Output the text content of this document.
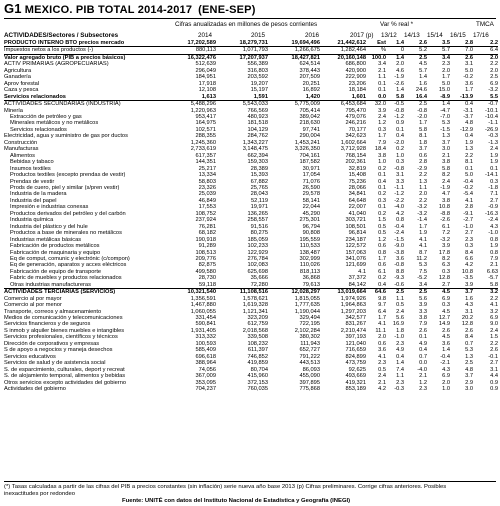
G1 MEXICO. PIB TOTAL 2014-2017 (ENE-SEP)
Cifras anualizadas en millones de pesos corrientes	Var % real *	TMCA
ACTIVIDADES/Sectores / Subsectores	2014	2015	2016	2017 (p) 13/12 14/13 15/14 16/15 17/16
PRODUCTO INTERNO BTO precios mercado	17,202,589	18,279,731	19,694,496	21,442,612	Est	1.4	2.6	3.5	2.8	2.2	
Impuestos netos a los productos (-)	880,113	1,071,793	1,266,675	1,282,464	%	0	5.2	5.7	7.0	6.4	
Valor agregado bruto (PIB a precios básicos)	16,322,476	17,207,937	18,427,821	20,160,148	100.0	1.4	2.5	3.4	2.6	2.0	
ACTIV PRIMARIAS (AGROPECUARIAS)	512,639	556,389	624,514	686,800	3.4	2.0	4.5	2.3	3.1	2.2	
Agricultura	296,049	316,803	378,443	420,900	2.1	4.6	5.7	2.0	5.0	2.0	
Ganadería	184,951	203,592	207,509	222,909	1.1	-1.9	1.4	1.7	-0.2	2.5	
Aprov forestal	17,918	19,207	20,251	23,206	0.1	-2.6	1.6	5.0	3.6	6.9	
Caza y pesca	12,108	15,197	16,892	18,184	0.1	1.4	24.6	15.0	1.7	-3.2	
Servicios relacionados	1,613	1,591	1,420	1,601	0.0	5.8	16.4	-8.9	-13.9	5.5	
ACTIVIDADES SECUNDARIAS (INDUSTRIA)	5,488,296	5,543,033	5,775,009	6,453,684	32.0	-0.5	2.5	1.4	0.4	-0.7	
Minería	1,220,963	766,569	705,414	795,470	3.9	-0.8	-0.8	-4.7	-3.1	-10.1	
Extracción de petróleo y gas	953,417	480,923	389,042	479,076	2.4	-1.2	-2.0	-7.0	-3.7	-10.4	
Minerales metálicos y no metálicos	164,975	181,518	218,630	246,216	1.2	0.9	1.7	5.3	4.8	-1.1	
Servicios relacionados	102,571	104,129	97,741	70,177	0.3	0.1	5.8	-1.5	-12.9	-26.9	
Electricidad, agua y suministro de gas por ductos	288,355	284,762	290,004	342,623	1.7	0.4	8.1	1.3	0.4	-0.3	
Construcción	1,245,360	1,343,227	1,453,241	1,602,664	7.9	-2.0	1.8	3.7	1.9	-1.3	
Manufacturas	2,733,619	3,148,475	3,326,350	3,712,928	18.4	0.2	3.7	3.0	1.3	2.4	
Alimentos	617,357	662,394	704,161	768,154	3.8	1.0	0.6	2.1	2.2	1.9	
Bebidas y tabaco	144,351	159,303	187,582	202,361	1.0	0.3	2.8	3.8	8.1	1.9	
Insumos textiles	25,217	28,389	30,971	32,819	0.2	-0.8	-2.9	5.8	0.1	0.1	
Productos textiles (excepto prendas de vestir)	13,334	15,393	17,054	15,408	0.1	3.1	2.2	8.2	5.0	-14.1	
Prendas de vestir	58,803	67,882	71,076	75,236	0.4	3.3	1.3	2.4	-0.4	0.3	
Prods de cuero, piel y similar (s/pren vestir)	23,326	25,765	26,590	28,066	0.1	-1.1	1.1	-1.9	-0.2	-1.8	
Industria de la madera	25,039	28,043	29,578	34,841	0.2	-1.2	2.0	4.7	-5.4	7.1	
Industria del papel	46,849	52,119	58,141	64,648	0.3	-2.2	2.2	3.8	4.1	2.7	
Impresión e industrias conexas	17,553	19,971	22,044	22,007	0.1	-4.0	-3.2	10.8	2.8	-0.9	
Productos derivados del petróleo y del carbón	108,752	136,265	45,290	41,040	0.2	4.2	-3.2	-8.8	-9.1	-16.3	
Industria química	237,924	258,557	275,301	303,721	1.5	0.8	-1.4	-2.6	-2.7	-2.4	
Industria del plástico y del hule	76,281	91,516	96,794	108,501	0.5	-0.4	1.7	6.1	-1.0	4.3	
Productos a base de minerales no metálicos	68,182	80,275	90,808	96,814	0.5	-2.4	1.9	7.2	2.7	-1.0	
Industrias metálicas básicas	190,918	185,059	195,559	234,187	1.2	-1.5	4.1	-3.2	2.3	0.8	
Fabricación de productos metálicos	91,289	102,233	110,533	122,572	0.6	-9.0	4.1	3.9	0.3	1.9	
Fabricación de maquinaria y equipo	108,513	122,929	138,487	157,063	0.8	-3.8	8.7	17.8	8.4	0.8	
Eq de comput, comunic y electrónic (c/compon)	209,776	276,784	302,999	341,076	1.7	3.6	11.2	8.2	6.6	7.9	
Eq de generación, aparatos y acces eléctricos	82,875	102,083	110,026	121,699	0.6	-0.8	5.3	6.3	4.2	2.1	
Fabricación de equipo de transporte	499,580	625,698	818,113	4.1	6.1	8.8	7.5	0.3	10.8	6.63	
Fabric de muebles y productos relacionados	28,730	35,666	36,868	37,372	0.2	-9.3	-5.2	12.8	-3.5	-5.7	
Otras industrias manufactureras	59,118	72,280	79,613	84,142	0.4	-0.6	3.4	2.7	3.9	5.8	
ACTIVIDADES TERCIARIAS (SERVICIOS)	10,321,540	11,108,516	12,028,297	13,019,664	64.6	2.5	2.5	4.5	3.7	3.2	
Comercio al por mayor	1,356,591	1,578,621	1,815,055	1,974,926	9.8	1.1	5.6	6.9	1.6	2.2	
Comercio al por menor	1,467,880	1,619,328	1,777,635	1,964,863	9.7	0.5	3.9	0.3	4.3	4.1	
Transporte, correos y almacenamiento	1,060,055	1,121,341	1,190,044	1,297,203	6.4	2.4	3.3	4.5	3.1	3.2	
Medios de comunicación y telecomunicaciones	331,454	323,209	329,494	342,577	1.7	5.6	3.8	12.7	20.2	6.9	
Servicios financieros y de seguros	590,841	612,759	722,195	831,267	4.1	16.9	7.9	14.9	12.8	9.0	
S inmob y alquiler bienes muebles e intangibles	1,931,405	2,018,568	2,102,284	2,210,474	11.1	1.8	2.6	2.6	2.6	2.4	
Servicios profesionales, científicos y técnicos	313,332	339,508	380,302	397,193	2.0	-1.0	0.1	4.5	8.4	1.5	
Dirección de corporativos y empresas	100,593	108,232	111,943	121,040	0.6	2.3	4.9	3.6	0.7	2.2	
S de apoyo a negocios y maneja desechos	585,409	611,397	652,727	716,659	3.6	4.9	0.4	1.4	5.3	2.6	
Servicios educativos	696,618	746,852	791,222	824,899	4.1	0.4	0.7	-0.4	1.3	-0.1	
Servicios de salud y de asistencia social	388,964	419,859	443,513	473,759	2.3	1.4	0.0	-2.1	2.5	2.7	
S. de esparcimiento, culturales, deport y recreat	74,056	80,704	86,093	92,625	0.5	7.4	-4.0	4.3	4.8	3.1	
S. de alojamiento temporal, alimentos y bebidas	367,009	415,960	455,090	493,669	2.4	1.1	2.1	6.9	3.7	4.4	
Otros servicios excepto actividades del gobierno	353,095	372,153	397,895	419,321	2.1	2.3	1.2	2.0	2.9	0.9	
Actividades del gobierno	704,237	760,035	775,868	853,189	4.2	-0.3	2.3	1.0	3.0	0.9	
(*) Tasas calculadas a partir de las cifras del PIB a precios constantes (sin inflación) serie nueva año base 2013 (p) Cifras preliminares. Corrige cifras anteriores. Posibles
inexactitudes por redondeo
Fuente: UNITÉ con datos del Instituto Nacional de Estadística y Geografía (INEGI)
